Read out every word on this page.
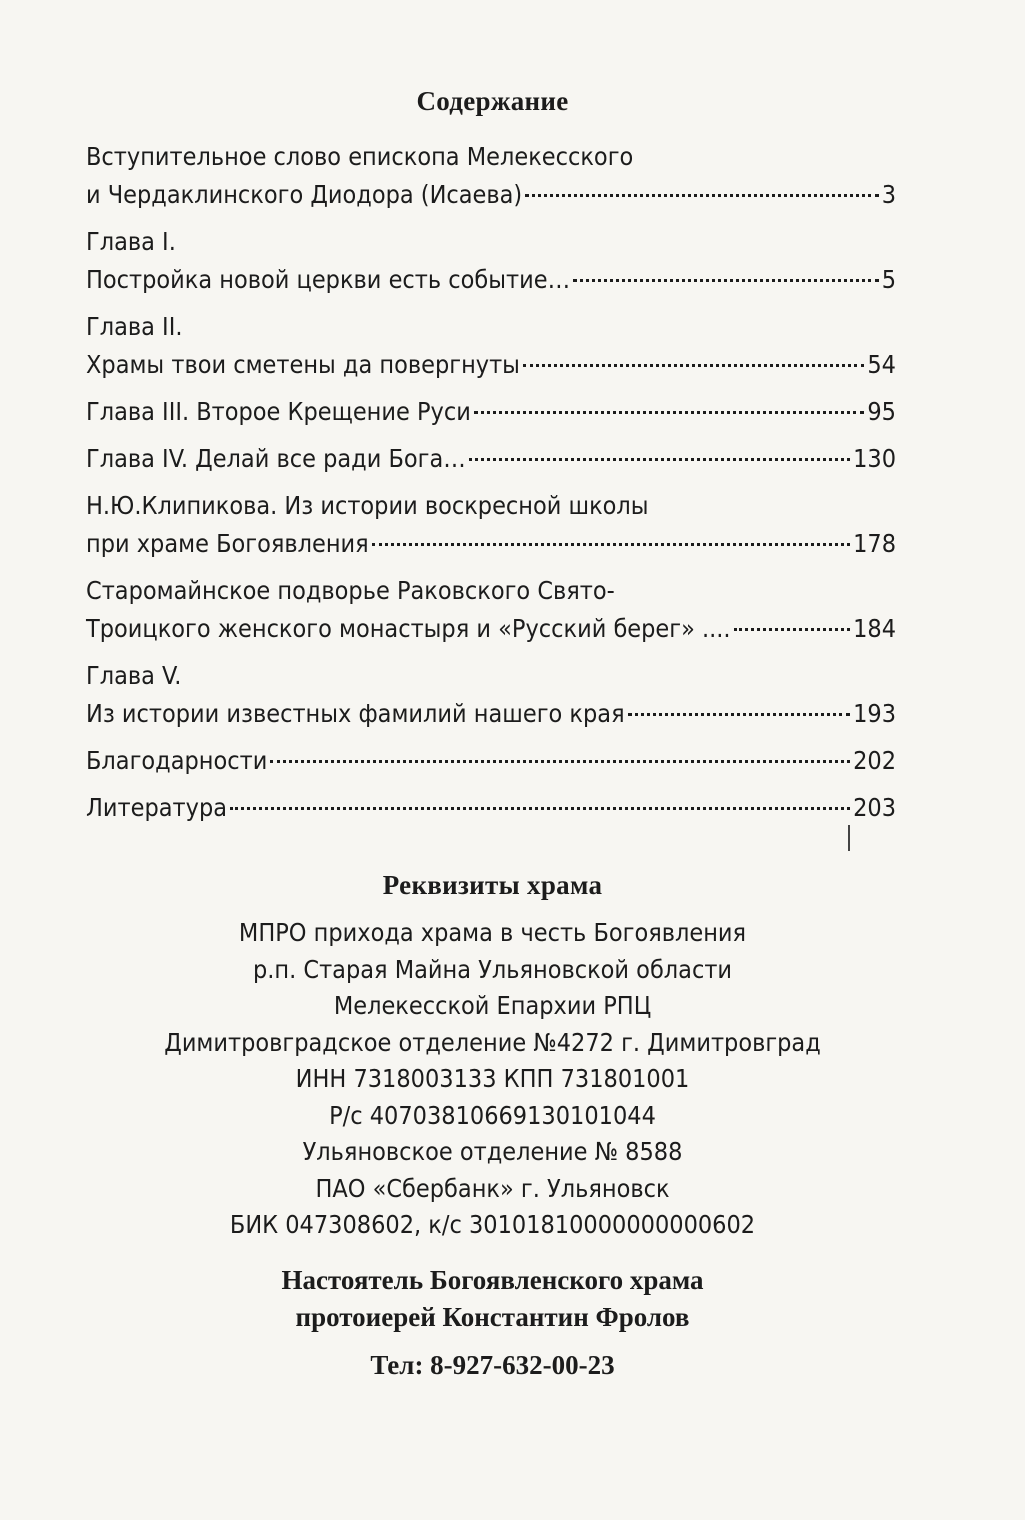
Содержание
Вступительное слово епископа Мелекесского
и Чердаклинского Диодора (Исаева)	3
Глава I.
Постройка новой церкви есть событие…	5
Глава II.
Храмы твои сметены да повергнуты	54
Глава III. Второе Крещение Руси	95
Глава IV. Делай все ради Бога…	130
Н.Ю.Клипикова. Из истории воскресной школы
при храме Богоявления	178
Старомайнское подворье Раковского Свято-
Троицкого женского монастыря и «Русский берег» ....	184
Глава V.
Из истории известных фамилий нашего края	193
Благодарности	202
Литература	203
Реквизиты храма
МПРО прихода храма в честь Богоявления
р.п. Старая Майна Ульяновской области
Мелекесской Епархии РПЦ
Димитровградское отделение №4272 г. Димитровград
ИНН 7318003133 КПП 731801001
Р/с 40703810669130101044
Ульяновское отделение № 8588
ПАО «Сбербанк» г. Ульяновск
БИК 047308602, к/с 30101810000000000602
Настоятель Богоявленского храма
протоиерей Константин Фролов
Тел: 8-927-632-00-23
